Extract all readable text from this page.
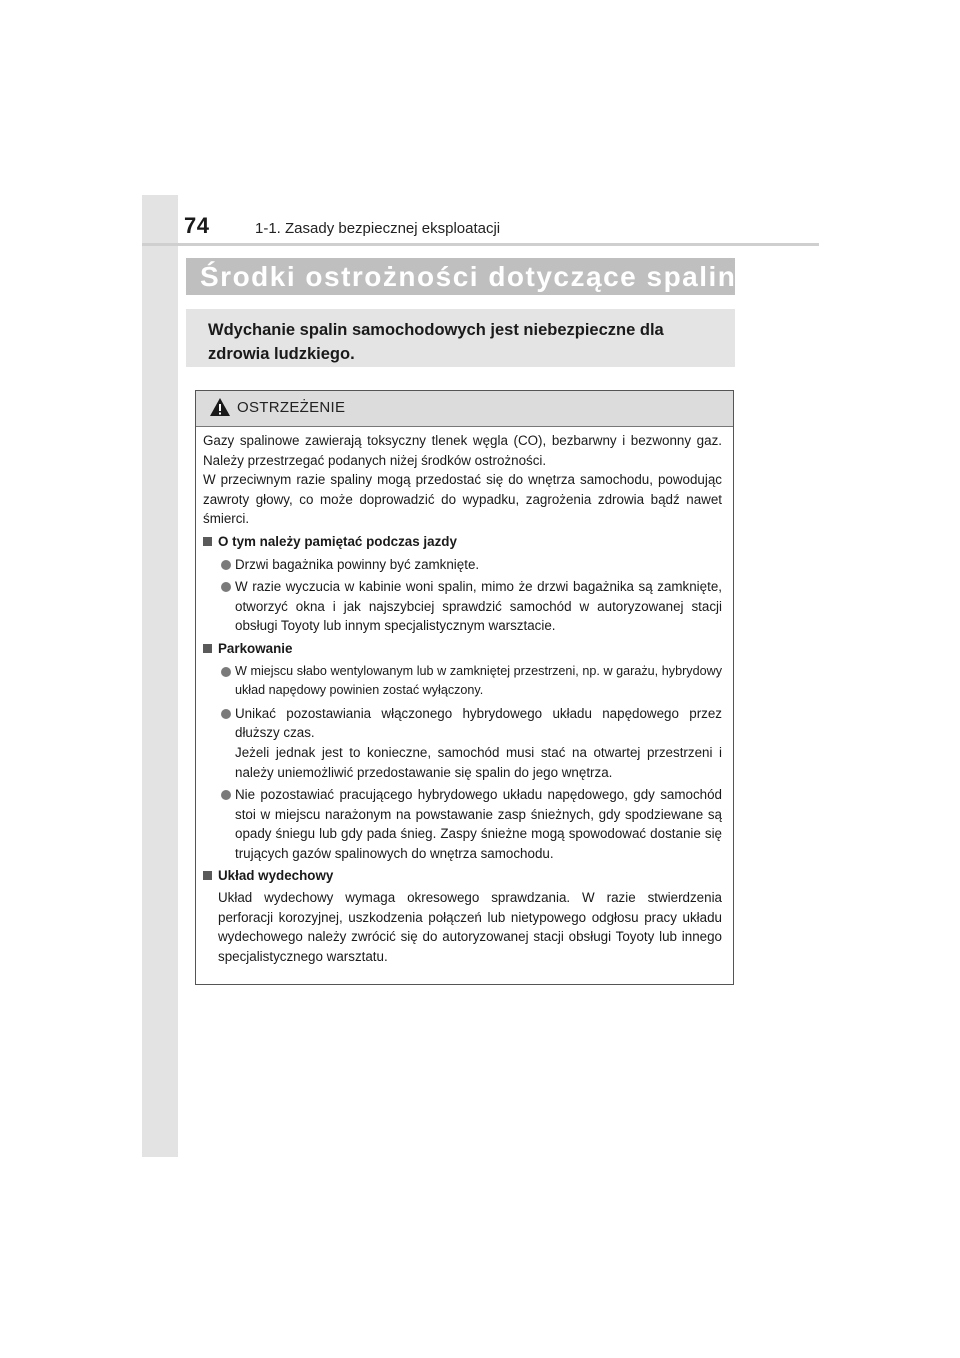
74	1-1. Zasady bezpiecznej eksploatacji
Środki ostrożności dotyczące spalin
Wdychanie spalin samochodowych jest niebezpieczne dla zdrowia ludzkiego.
OSTRZEŻENIE

Gazy spalinowe zawierają toksyczny tlenek węgla (CO), bezbarwny i bezwonny gaz. Należy przestrzegać podanych niżej środków ostrożności.

W przeciwnym razie spaliny mogą przedostać się do wnętrza samochodu, powodując zawroty głowy, co może doprowadzić do wypadku, zagrożenia zdrowia bądź nawet śmierci.

O tym należy pamiętać podczas jazdy
Drzwi bagażnika powinny być zamknięte.
W razie wyczucia w kabinie woni spalin, mimo że drzwi bagażnika są zamknięte, otworzyć okna i jak najszybciej sprawdzić samochód w autoryzowanej stacji obsługi Toyoty lub innym specjalistycznym warsztacie.
Parkowanie
W miejscu słabo wentylowanym lub w zamkniętej przestrzeni, np. w garażu, hybrydowy układ napędowy powinien zostać wyłączony.
Unikać pozostawiania włączonego hybrydowego układu napędowego przez dłuższy czas.
Jeżeli jednak jest to konieczne, samochód musi stać na otwartej przestrzeni i należy uniemożliwić przedostawanie się spalin do jego wnętrza.
Nie pozostawiać pracującego hybrydowego układu napędowego, gdy samochód stoi w miejscu narażonym na powstawanie zasp śnieżnych, gdy spodziewane są opady śniegu lub gdy pada śnieg. Zaspy śnieżne mogą spowodować dostanie się trujących gazów spalinowych do wnętrza samochodu.
Układ wydechowy

Układ wydechowy wymaga okresowego sprawdzania. W razie stwierdzenia perforacji korozyjnej, uszkodzenia połączeń lub nietypowego odgłosu pracy układu wydechowego należy zwrócić się do autoryzowanej stacji obsługi Toyoty lub innego specjalistycznego warsztatu.
